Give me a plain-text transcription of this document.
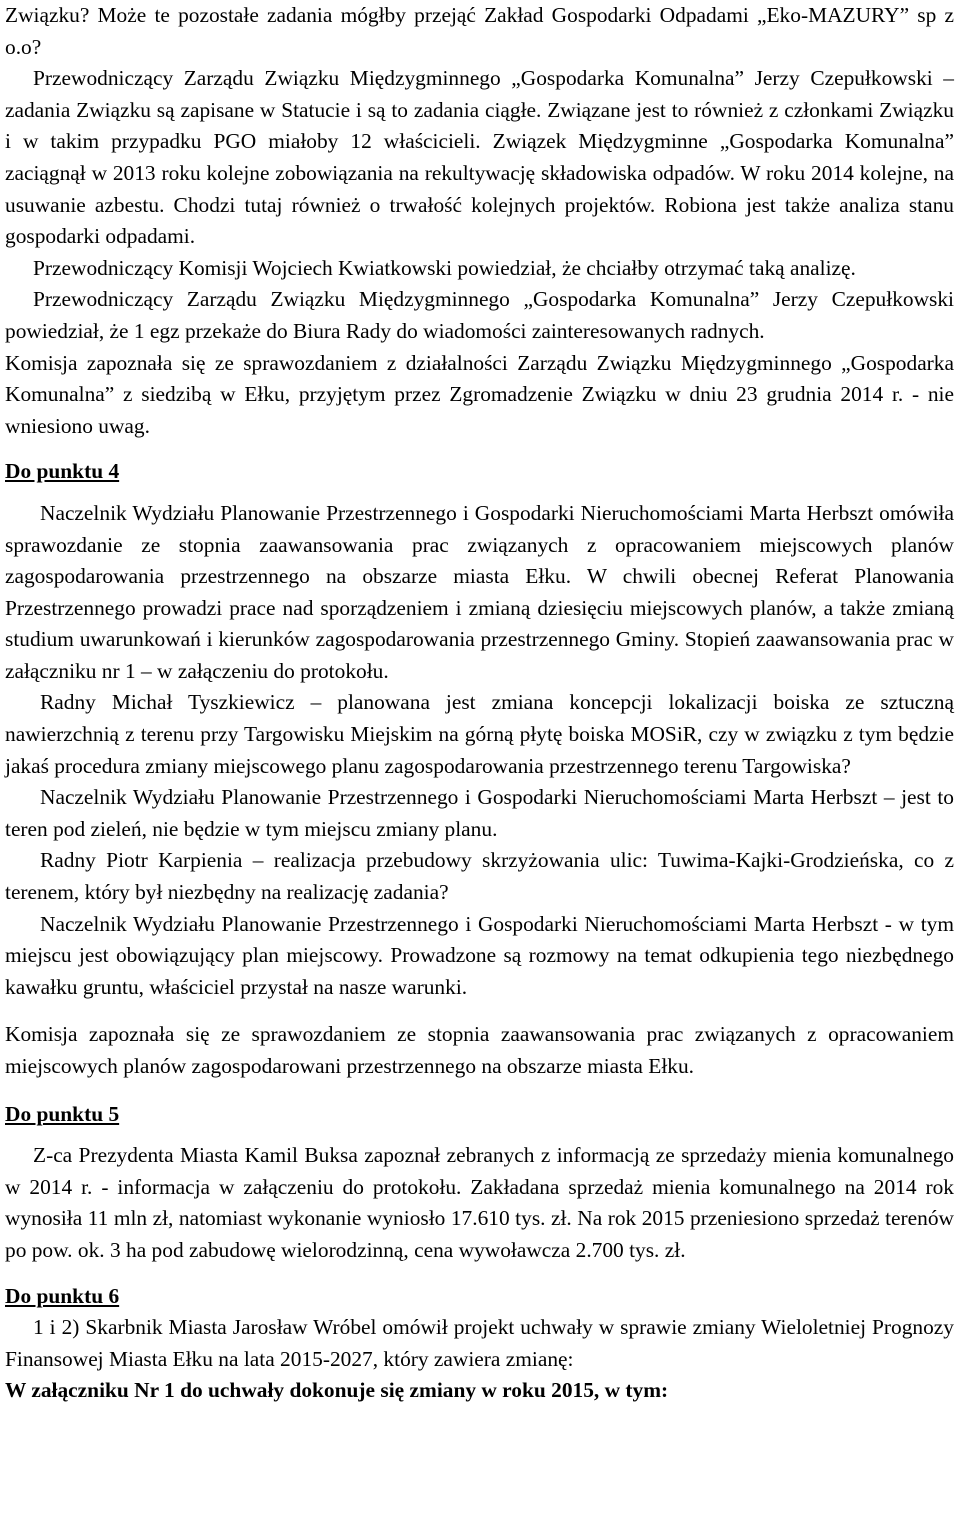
Związku? Może te pozostałe zadania mógłby przejąć Zakład Gospodarki Odpadami „Eko-MAZURY” sp z o.o?

Przewodniczący Zarządu Związku Międzygminnego „Gospodarka Komunalna” Jerzy Czepułkowski – zadania Związku są zapisane w Statucie i są to zadania ciągłe. Związane jest to również z członkami Związku i w takim przypadku PGO miałoby 12 właścicieli. Związek Międzygminne „Gospodarka Komunalna” zaciągnął w 2013 roku kolejne zobowiązania na rekultywację składowiska odpadów. W roku 2014 kolejne, na usuwanie azbestu. Chodzi tutaj również o trwałość kolejnych projektów. Robiona jest także analiza stanu gospodarki odpadami.

Przewodniczący Komisji Wojciech Kwiatkowski powiedział, że chciałby otrzymać taką analizę.

Przewodniczący Zarządu Związku Międzygminnego „Gospodarka Komunalna” Jerzy Czepułkowski powiedział, że 1 egz przekaże do Biura Rady do wiadomości zainteresowanych radnych.

Komisja zapoznała się ze sprawozdaniem z działalności Zarządu Związku Międzygminnego „Gospodarka Komunalna” z siedzibą w Ełku, przyjętym przez Zgromadzenie Związku w dniu 23 grudnia 2014 r. - nie wniesiono uwag.

Do punktu 4

Naczelnik Wydziału Planowanie Przestrzennego i Gospodarki Nieruchomościami Marta Herbszt omówiła sprawozdanie ze stopnia zaawansowania prac związanych z opracowaniem miejscowych planów zagospodarowania przestrzennego na obszarze miasta Ełku. W chwili obecnej Referat Planowania Przestrzennego prowadzi prace nad sporządzeniem i zmianą dziesięciu miejscowych planów, a także zmianą studium uwarunkowań i kierunków zagospodarowania przestrzennego Gminy. Stopień zaawansowania prac w załączniku nr 1 – w załączeniu do protokołu.

Radny Michał Tyszkiewicz – planowana jest zmiana koncepcji lokalizacji boiska ze sztuczną nawierzchnią z terenu przy Targowisku Miejskim na górną płytę boiska MOSiR, czy w związku z tym będzie jakaś procedura zmiany miejscowego planu zagospodarowania przestrzennego terenu Targowiska?

Naczelnik Wydziału Planowanie Przestrzennego i Gospodarki Nieruchomościami Marta Herbszt – jest to teren pod zieleń, nie będzie w tym miejscu zmiany planu.

Radny Piotr Karpienia – realizacja przebudowy skrzyżowania ulic: Tuwima-Kajki-Grodzieńska, co z terenem, który był niezbędny na realizację zadania?

Naczelnik Wydziału Planowanie Przestrzennego i Gospodarki Nieruchomościami Marta Herbszt - w tym miejscu jest obowiązujący plan miejscowy. Prowadzone są rozmowy na temat odkupienia tego niezbędnego kawałku gruntu, właściciel przystał na nasze warunki.

Komisja zapoznała się ze sprawozdaniem ze stopnia zaawansowania prac związanych z opracowaniem miejscowych planów zagospodarowani przestrzennego na obszarze miasta Ełku.

Do punktu 5

Z-ca Prezydenta Miasta Kamil Buksa zapoznał zebranych z informacją ze sprzedaży mienia komunalnego w 2014 r. - informacja w załączeniu do protokołu. Zakładana sprzedaż mienia komunalnego na 2014 rok wynosiła 11 mln zł, natomiast wykonanie wyniosło 17.610 tys. zł. Na rok 2015 przeniesiono sprzedaż terenów po pow. ok. 3 ha pod zabudowę wielorodzinną, cena wywoławcza 2.700 tys. zł.

Do punktu 6

1 i 2) Skarbnik Miasta Jarosław Wróbel omówił projekt uchwały w sprawie zmiany Wieloletniej Prognozy Finansowej Miasta Ełku na lata 2015-2027, który zawiera zmianę:

W załączniku Nr 1 do uchwały dokonuje się zmiany w roku 2015, w tym:
